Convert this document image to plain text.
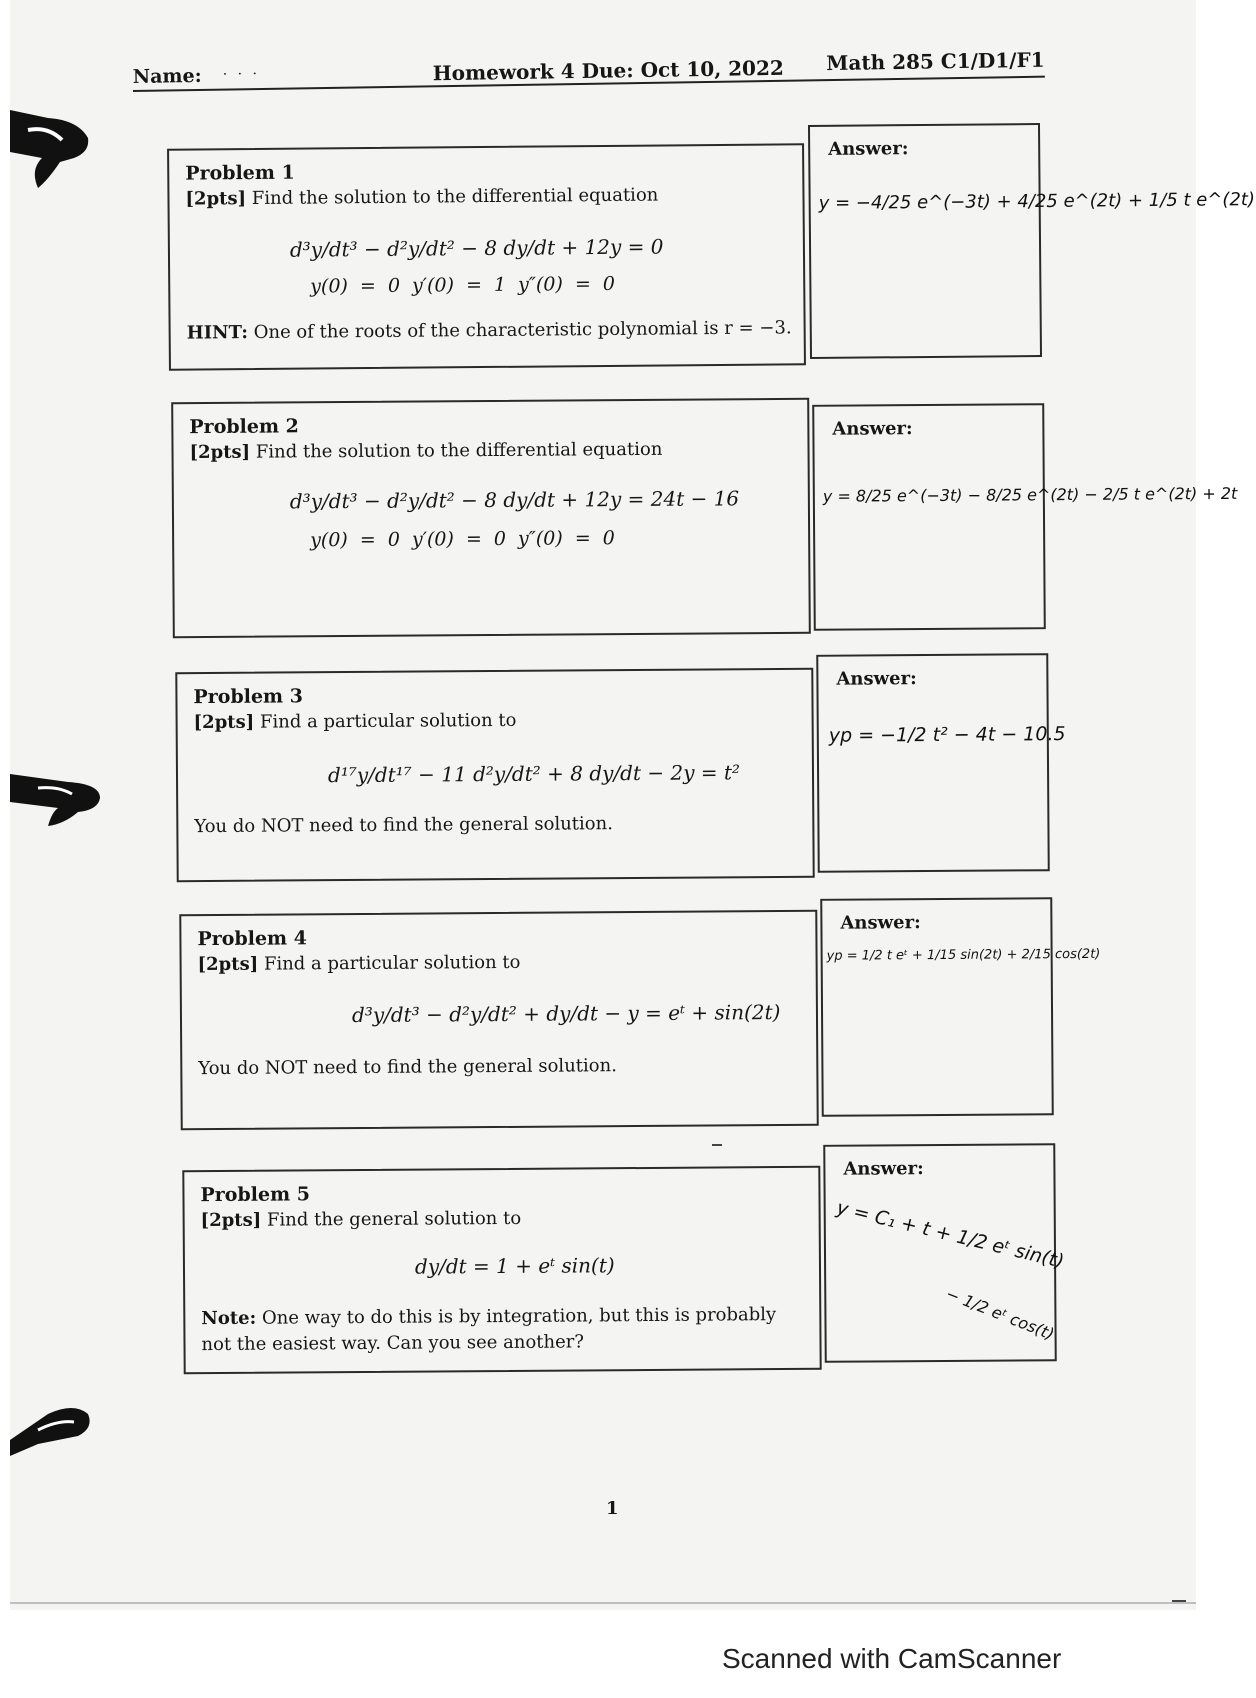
Name: . . .	Homework 4 Due: Oct 10, 2022 Math 285 C1/D1/F1
Problem 1
[2pts] Find the solution to the differential equation
d³y/dt³ − d²y/dt² − 8 dy/dt + 12y = 0
y(0) = 0 y′(0) = 1 y″(0) = 0
HINT: One of the roots of the characteristic polynomial is r = −3.
Answer:
y = −4/25 e^(−3t) + 4/25 e^(2t) + 1/5 t e^(2t)
Problem 2
[2pts] Find the solution to the differential equation
d³y/dt³ − d²y/dt² − 8 dy/dt + 12y = 24t − 16
y(0) = 0 y′(0) = 0 y″(0) = 0
Answer:
y = 8/25 e^(−3t) − 8/25 e^(2t) − 2/5 t e^(2t) + 2t
Problem 3
[2pts] Find a particular solution to
d¹⁷y/dt¹⁷ − 11 d²y/dt² + 8 dy/dt − 2y = t²
You do NOT need to find the general solution.
Answer:
yp = −1/2 t² − 4t − 10.5
Problem 4
[2pts] Find a particular solution to
d³y/dt³ − d²y/dt² + dy/dt − y = eᵗ + sin(2t)
You do NOT need to find the general solution.
Answer:
yp = 1/2 t eᵗ + 1/15 sin(2t) + 2/15 cos(2t)
Problem 5
[2pts] Find the general solution to
dy/dt = 1 + eᵗ sin(t)
Note: One way to do this is by integration, but this is probably not the easiest way. Can you see another?
Answer:
y = C₁ + t + 1/2 eᵗ sin(t)
− 1/2 eᵗ cos(t)
1
Scanned with CamScanner
